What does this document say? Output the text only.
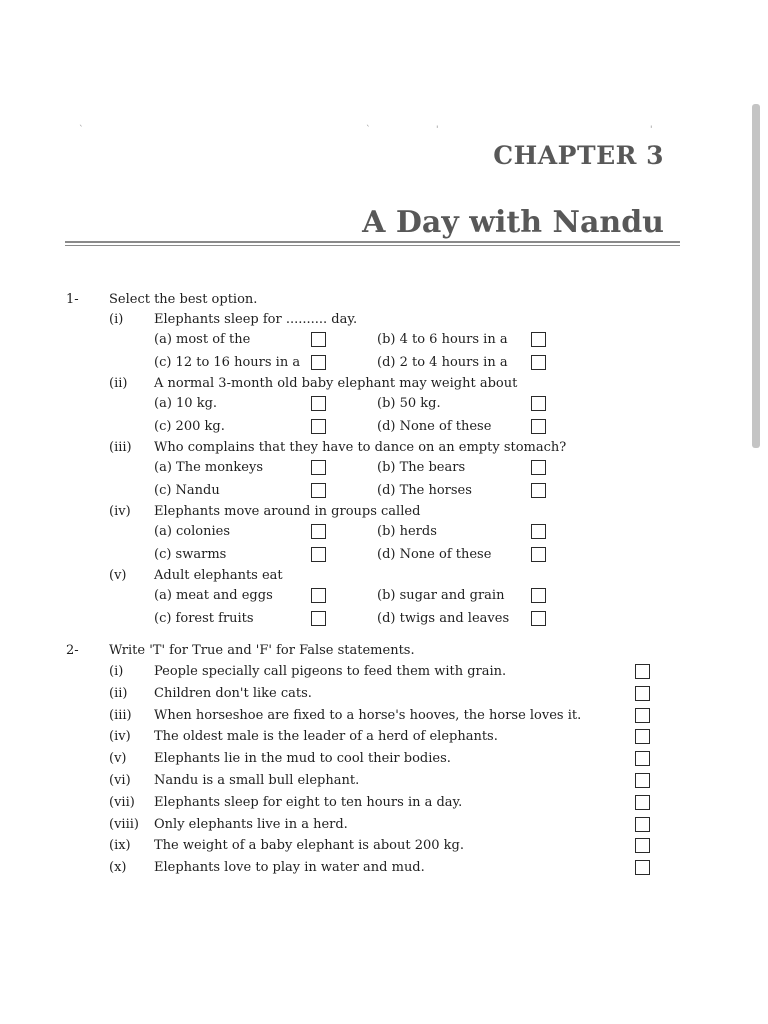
`	`	'	'
CHAPTER 3
A Day with Nandu
1- Select the best option.
(i) Elephants sleep for .......... day.
(a) most of the	(b) 4 to 6 hours in a
(c) 12 to 16 hours in a	(d) 2 to 4 hours in a
(ii) A normal 3-month old baby elephant may weight about
(a) 10 kg.	(b) 50 kg.
(c) 200 kg.	(d) None of these
(iii) Who complains that they have to dance on an empty stomach?
(a) The monkeys	(b) The bears
(c) Nandu	(d) The horses
(iv) Elephants move around in groups called
(a) colonies	(b) herds
(c) swarms	(d) None of these
(v) Adult elephants eat
(a) meat and eggs	(b) sugar and grain
(c) forest fruits	(d) twigs and leaves
2- Write 'T' for True and 'F' for False statements.
(i) People specially call pigeons to feed them with grain.
(ii) Children don't like cats.
(iii) When horseshoe are fixed to a horse's hooves, the horse loves it.
(iv) The oldest male is the leader of a herd of elephants.
(v) Elephants lie in the mud to cool their bodies.
(vi) Nandu is a small bull elephant.
(vii) Elephants sleep for eight to ten hours in a day.
(viii) Only elephants live in a herd.
(ix) The weight of a baby elephant is about 200 kg.
(x) Elephants love to play in water and mud.
